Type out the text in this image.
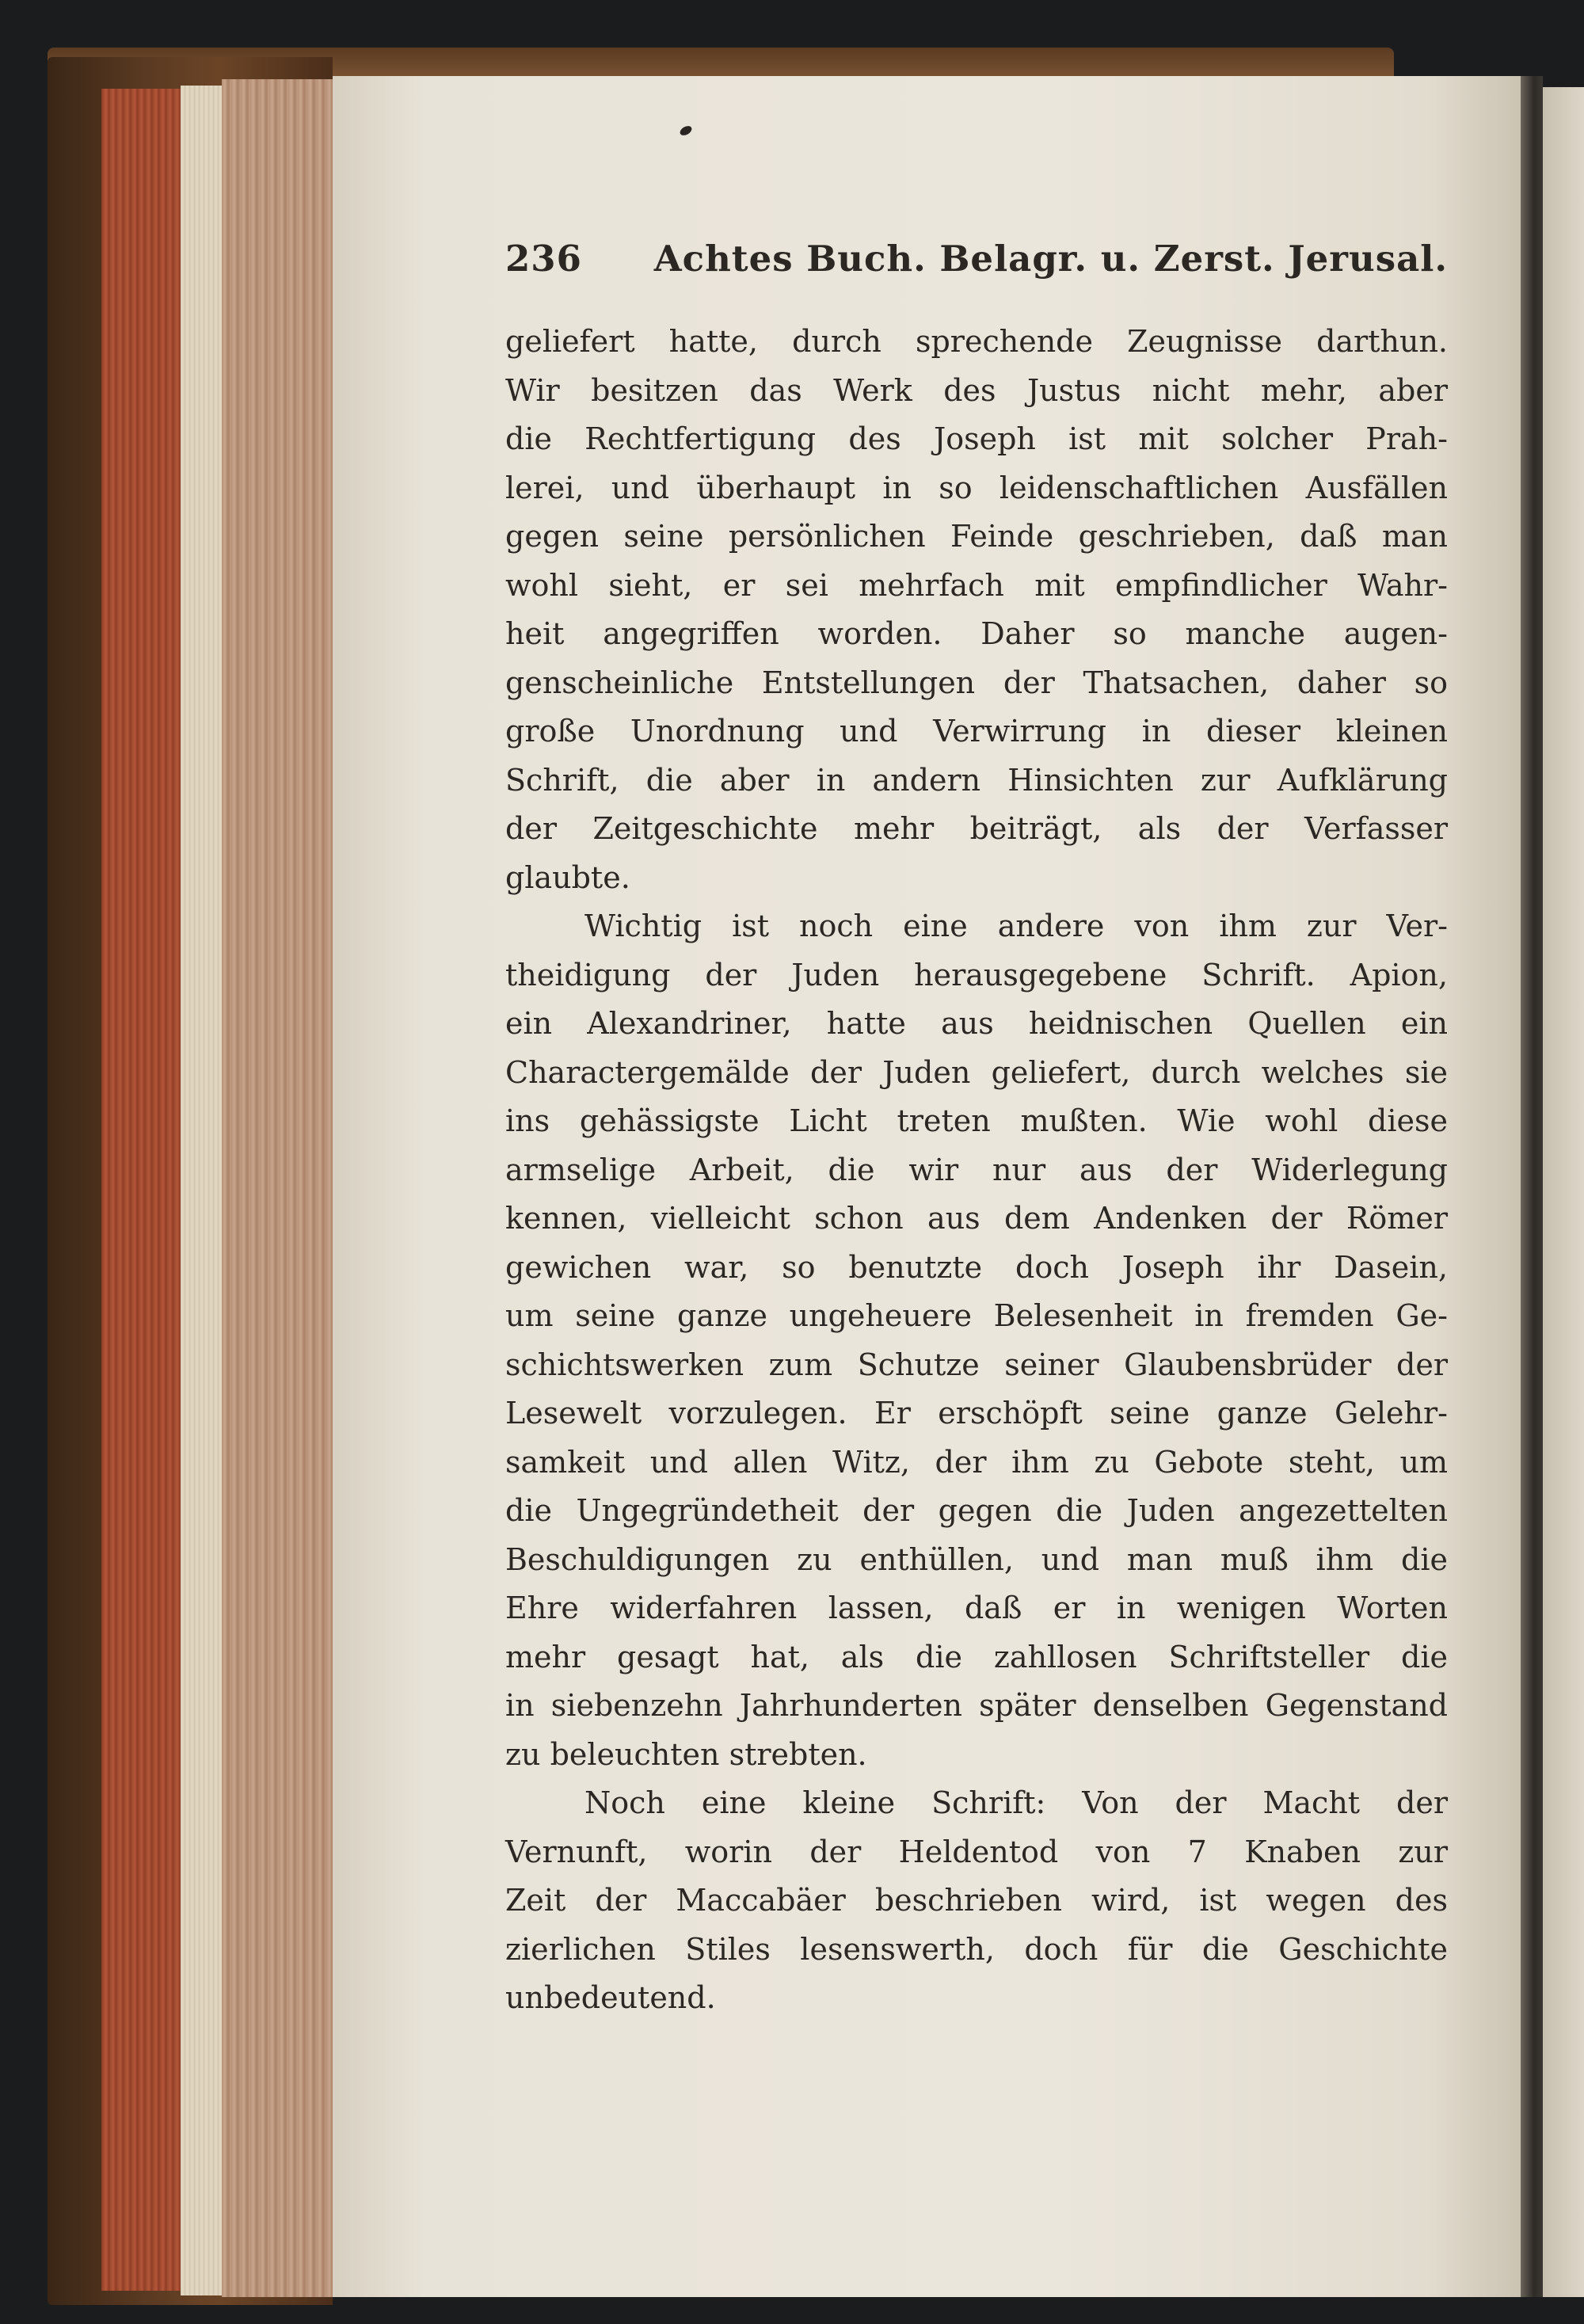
236 Achtes Buch. Belagr. u. Zerst. Jerusal.
geliefert hatte, durch sprechende Zeugnisse darthun.
Wir besitzen das Werk des Justus nicht mehr, aber
die Rechtfertigung des Joseph ist mit solcher Prah-
lerei, und überhaupt in so leidenschaftlichen Ausfällen
gegen seine persönlichen Feinde geschrieben, daß man
wohl sieht, er sei mehrfach mit empfindlicher Wahr-
heit angegriffen worden. Daher so manche augen-
genscheinliche Entstellungen der Thatsachen, daher so
große Unordnung und Verwirrung in dieser kleinen
Schrift, die aber in andern Hinsichten zur Aufklärung
der Zeitgeschichte mehr beiträgt, als der Verfasser
glaubte.
Wichtig ist noch eine andere von ihm zur Ver-
theidigung der Juden herausgegebene Schrift. Apion,
ein Alexandriner, hatte aus heidnischen Quellen ein
Charactergemälde der Juden geliefert, durch welches sie
ins gehässigste Licht treten mußten. Wie wohl diese
armselige Arbeit, die wir nur aus der Widerlegung
kennen, vielleicht schon aus dem Andenken der Römer
gewichen war, so benutzte doch Joseph ihr Dasein,
um seine ganze ungeheuere Belesenheit in fremden Ge-
schichtswerken zum Schutze seiner Glaubensbrüder der
Lesewelt vorzulegen. Er erschöpft seine ganze Gelehr-
samkeit und allen Witz, der ihm zu Gebote steht, um
die Ungegründetheit der gegen die Juden angezettelten
Beschuldigungen zu enthüllen, und man muß ihm die
Ehre widerfahren lassen, daß er in wenigen Worten
mehr gesagt hat, als die zahllosen Schriftsteller die
in siebenzehn Jahrhunderten später denselben Gegenstand
zu beleuchten strebten.
Noch eine kleine Schrift: Von der Macht der
Vernunft, worin der Heldentod von 7 Knaben zur
Zeit der Maccabäer beschrieben wird, ist wegen des
zierlichen Stiles lesenswerth, doch für die Geschichte
unbedeutend.
